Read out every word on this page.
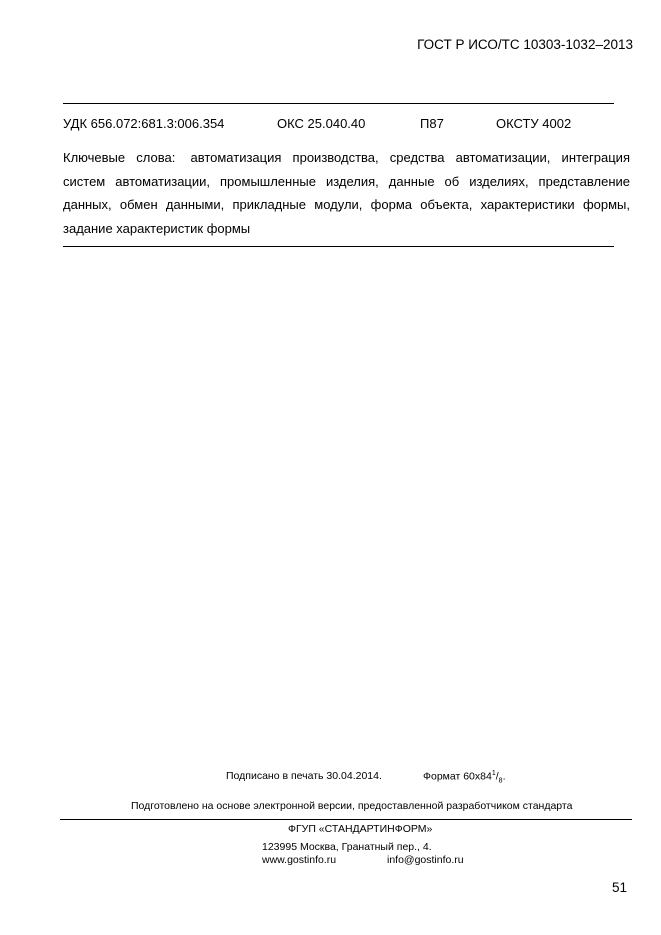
ГОСТ Р ИСО/ТС 10303-1032–2013
УДК 656.072:681.3:006.354	ОКС 25.040.40	П87	ОКСТУ 4002
Ключевые слова: автоматизация производства, средства автоматизации, интеграция систем автоматизации, промышленные изделия, данные об изделиях, представление данных, обмен данными, прикладные модули, форма объекта, характеристики формы, задание характеристик формы
Подписано в печать 30.04.2014.	Формат $60х84^1/_8$.
Подготовлено на основе электронной версии, предоставленной разработчиком стандарта
ФГУП «СТАНДАРТИНФОРМ»
123995 Москва, Гранатный пер., 4.
www.gostinfo.ru	info@gostinfo.ru
51
